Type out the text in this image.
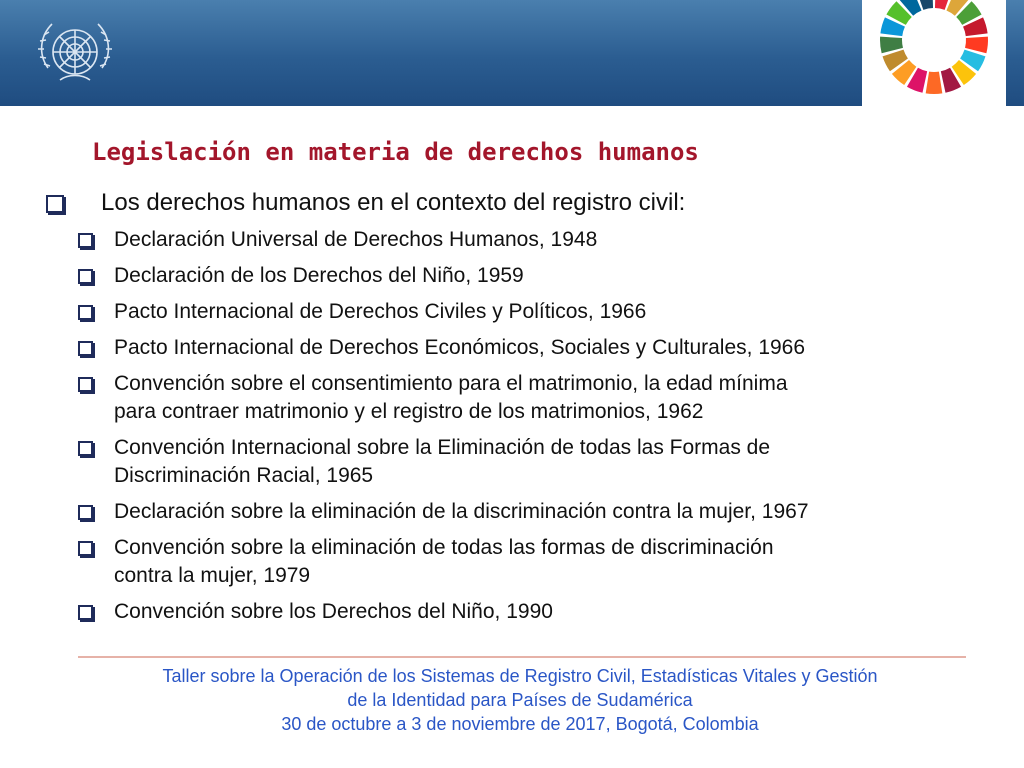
Legislación en materia de derechos humanos
Los derechos humanos en el contexto del registro civil:
Declaración Universal de Derechos Humanos, 1948
Declaración de los Derechos del Niño, 1959
Pacto Internacional de Derechos Civiles y Políticos, 1966
Pacto Internacional de Derechos Económicos, Sociales y Culturales, 1966
Convención sobre el consentimiento para el matrimonio, la edad mínima
para contraer matrimonio y el registro de los matrimonios, 1962
Convención Internacional sobre la Eliminación de todas las Formas de
Discriminación Racial, 1965
Declaración sobre la eliminación de la discriminación contra la mujer, 1967
Convención sobre la eliminación de todas las formas de discriminación
contra la mujer, 1979
Convención sobre los Derechos del Niño, 1990
Taller sobre la Operación de los Sistemas de Registro Civil, Estadísticas Vitales y Gestión
de la Identidad para Países de Sudamérica
30 de octubre a 3 de noviembre de 2017, Bogotá, Colombia
